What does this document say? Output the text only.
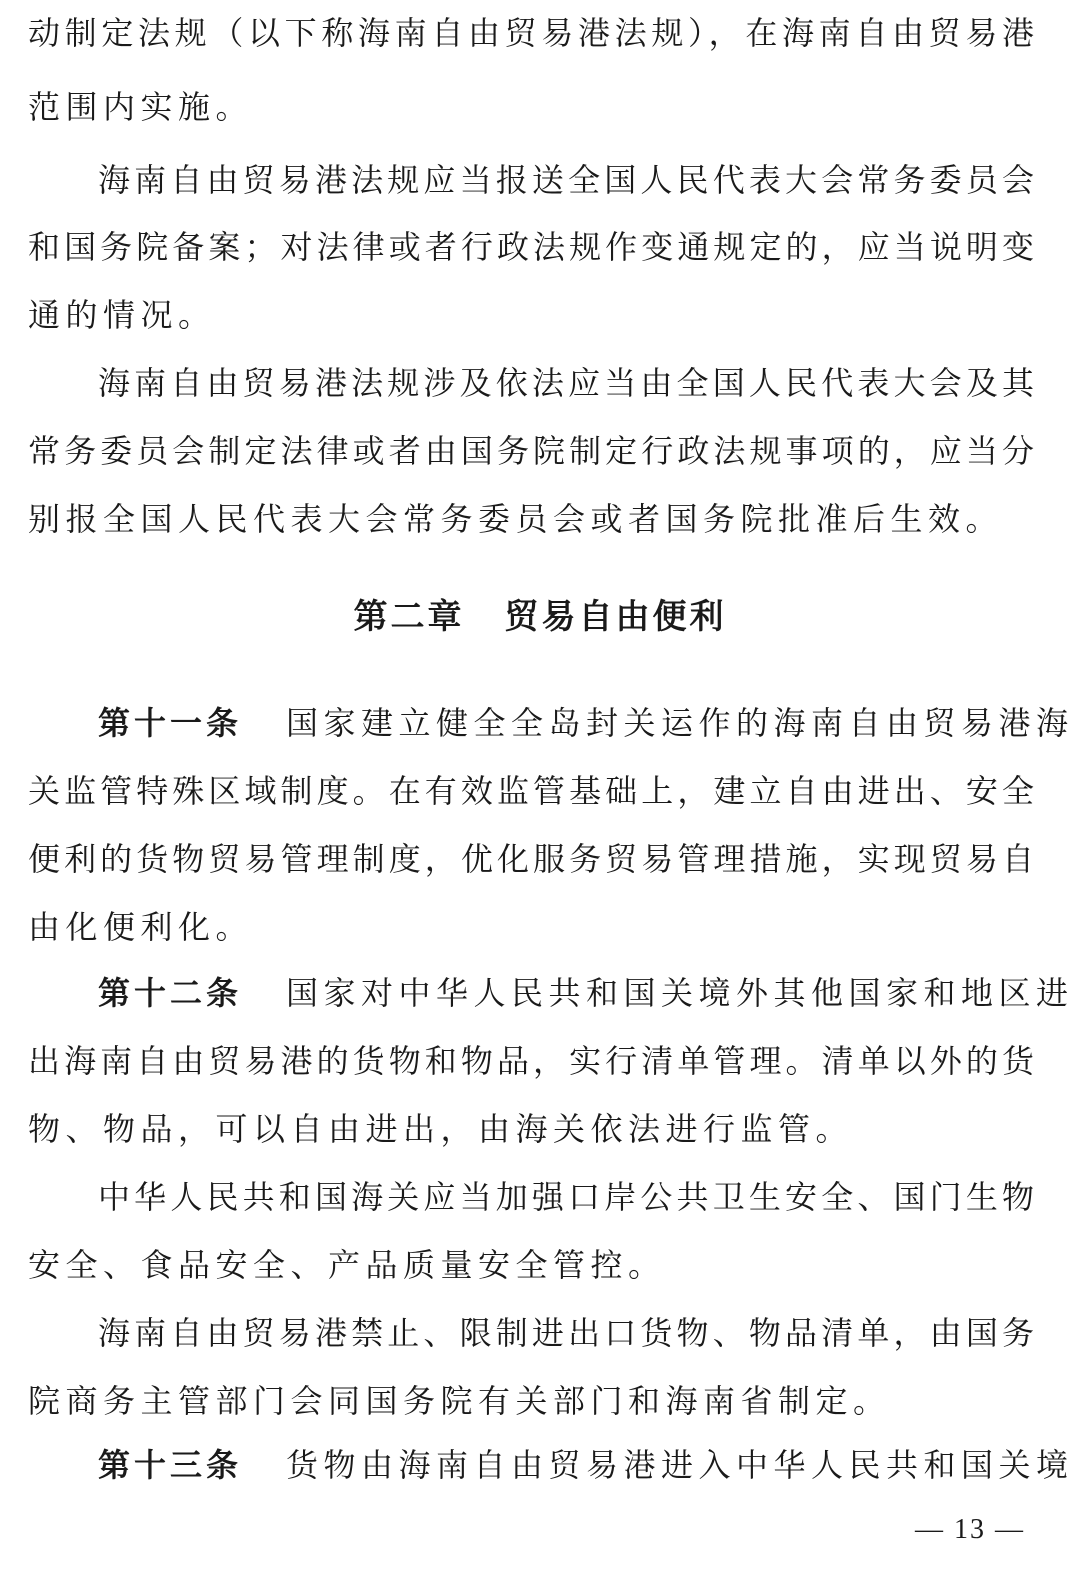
动制定法规（以下称海南自由贸易港法规），在海南自由贸易港
范围内实施。
海南自由贸易港法规应当报送全国人民代表大会常务委员会
和国务院备案；对法律或者行政法规作变通规定的，应当说明变
通的情况。
海南自由贸易港法规涉及依法应当由全国人民代表大会及其
常务委员会制定法律或者由国务院制定行政法规事项的，应当分
别报全国人民代表大会常务委员会或者国务院批准后生效。
第二章 贸易自由便利
第十一条 国家建立健全全岛封关运作的海南自由贸易港海
关监管特殊区域制度。在有效监管基础上，建立自由进出、安全
便利的货物贸易管理制度，优化服务贸易管理措施，实现贸易自
由化便利化。
第十二条 国家对中华人民共和国关境外其他国家和地区进
出海南自由贸易港的货物和物品，实行清单管理。清单以外的货
物、物品，可以自由进出，由海关依法进行监管。
中华人民共和国海关应当加强口岸公共卫生安全、国门生物
安全、食品安全、产品质量安全管控。
海南自由贸易港禁止、限制进出口货物、物品清单，由国务
院商务主管部门会同国务院有关部门和海南省制定。
第十三条 货物由海南自由贸易港进入中华人民共和国关境
— 13 —
